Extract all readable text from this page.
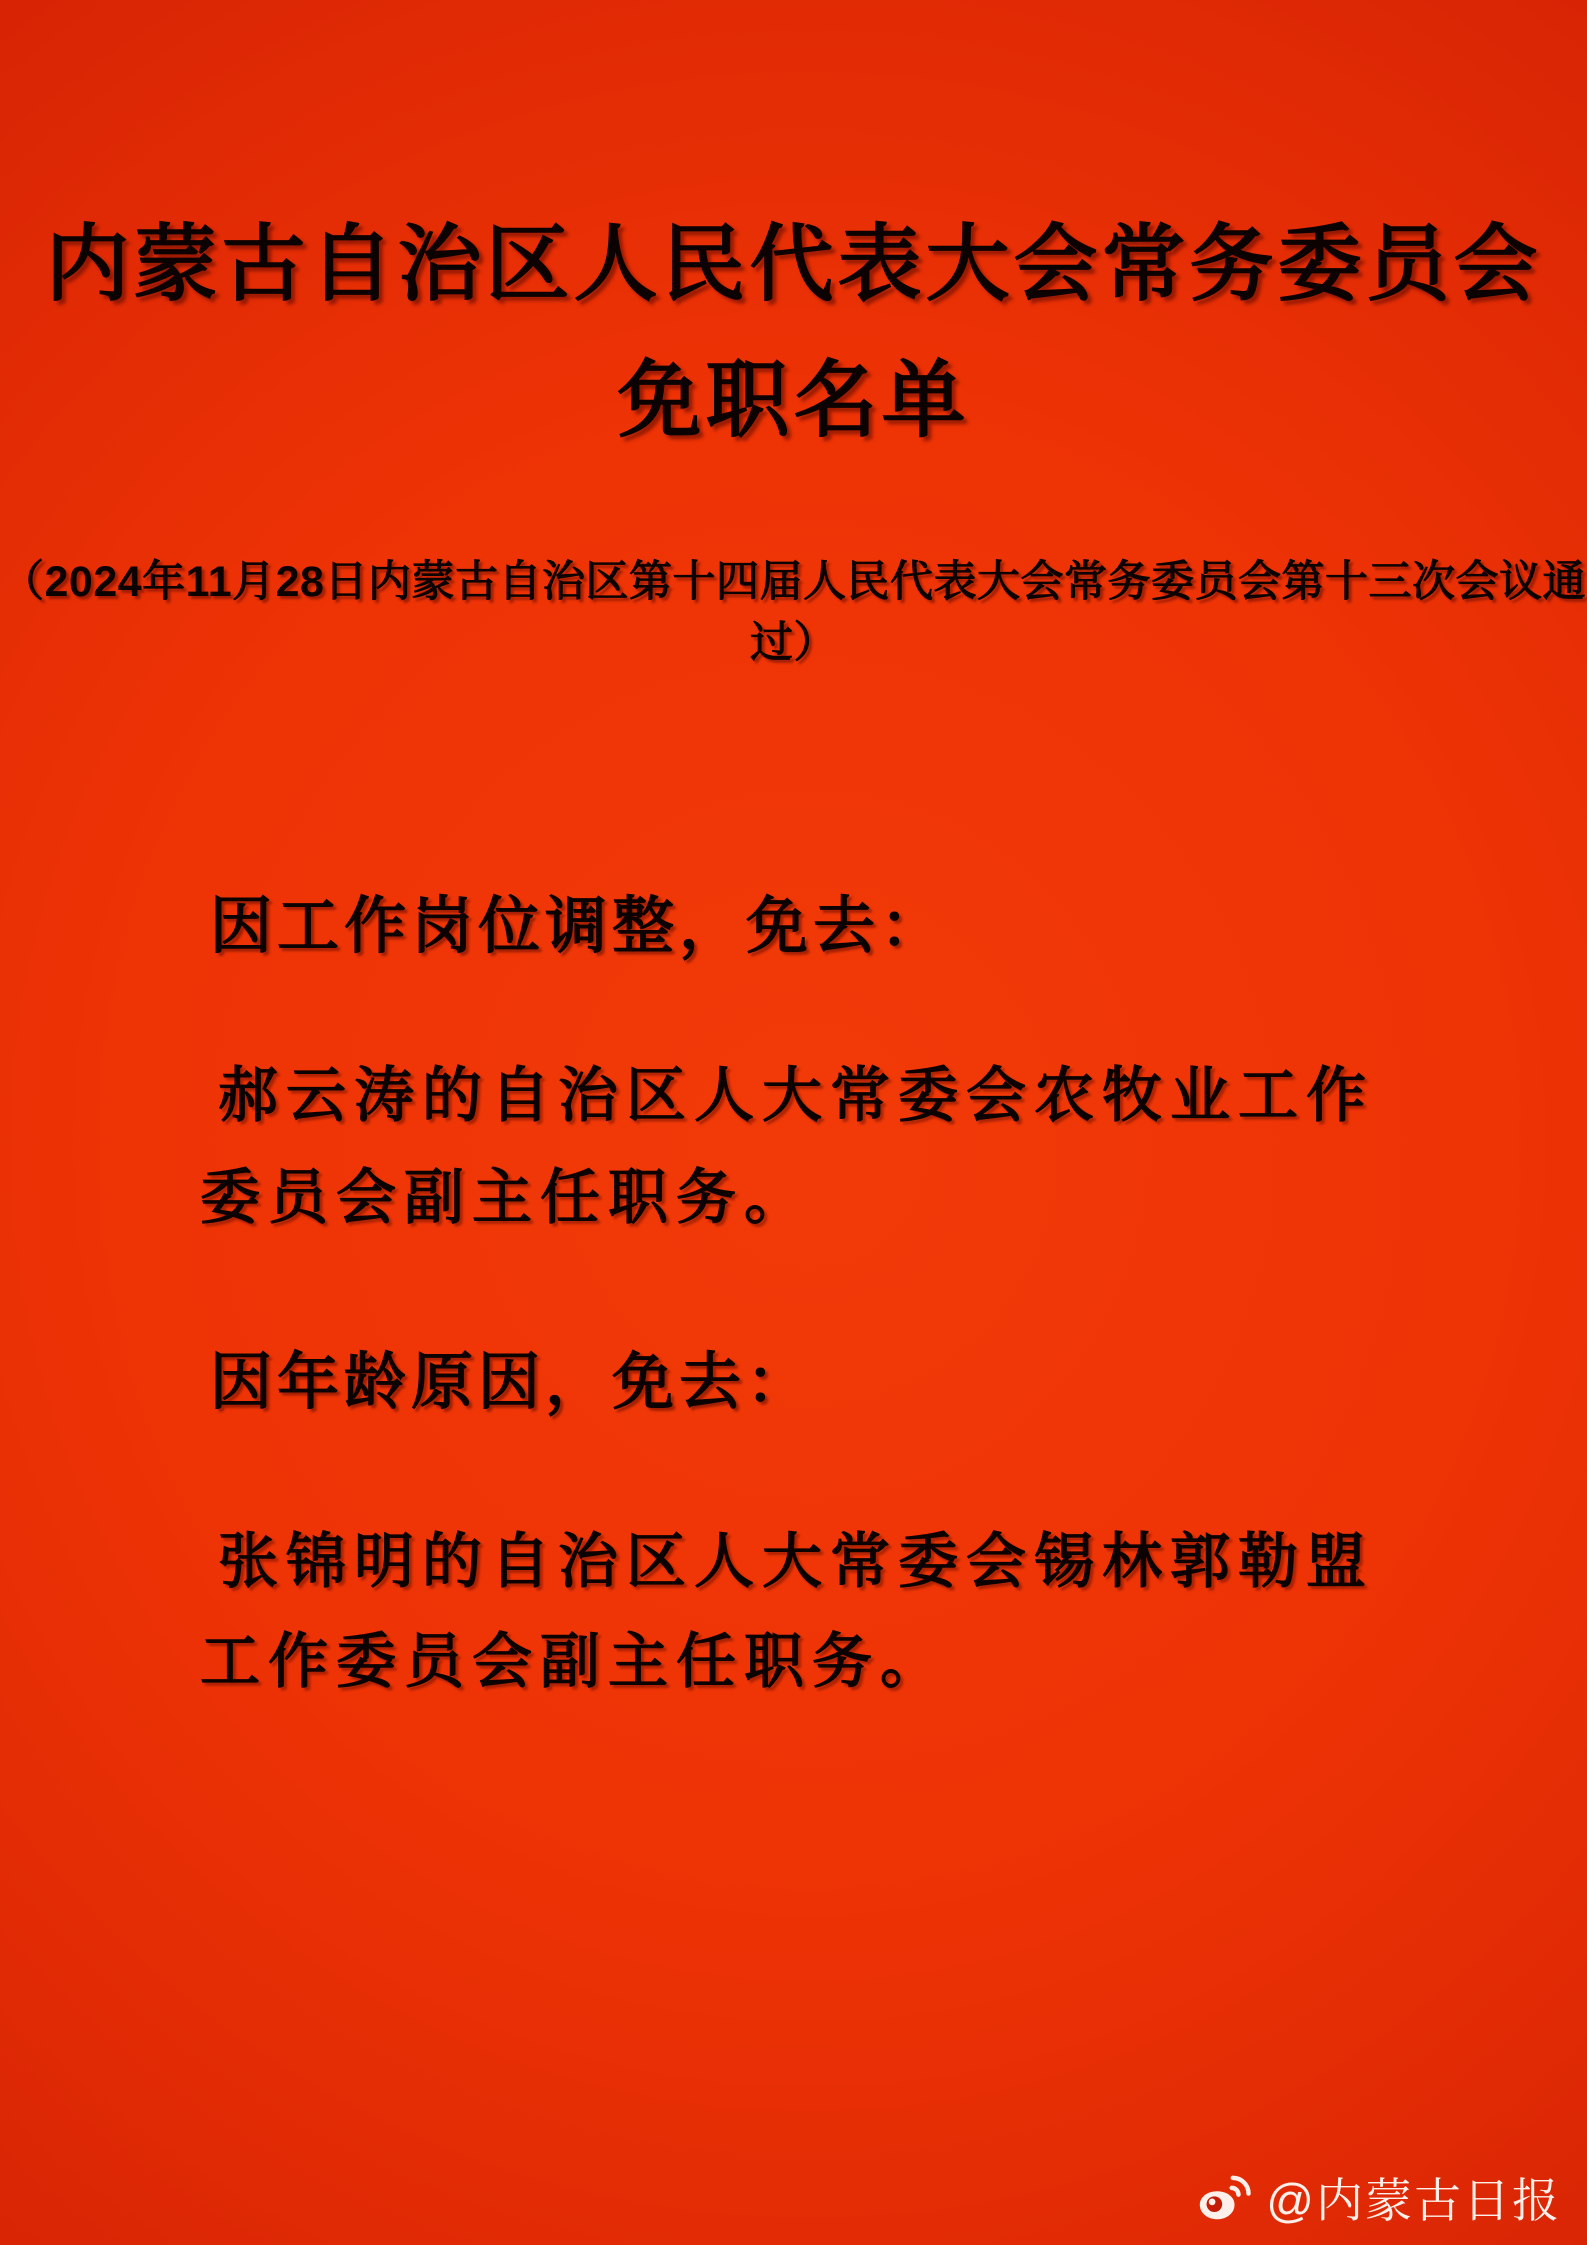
内蒙古自治区人民代表大会常务委员会
免职名单
（2024年11月28日内蒙古自治区第十四届人民代表大会常务委员会第十三次会议通过）
因工作岗位调整，免去：
郝云涛的自治区人大常委会农牧业工作
委员会副主任职务。
因年龄原因，免去：
张锦明的自治区人大常委会锡林郭勒盟
工作委员会副主任职务。
@内蒙古日报
